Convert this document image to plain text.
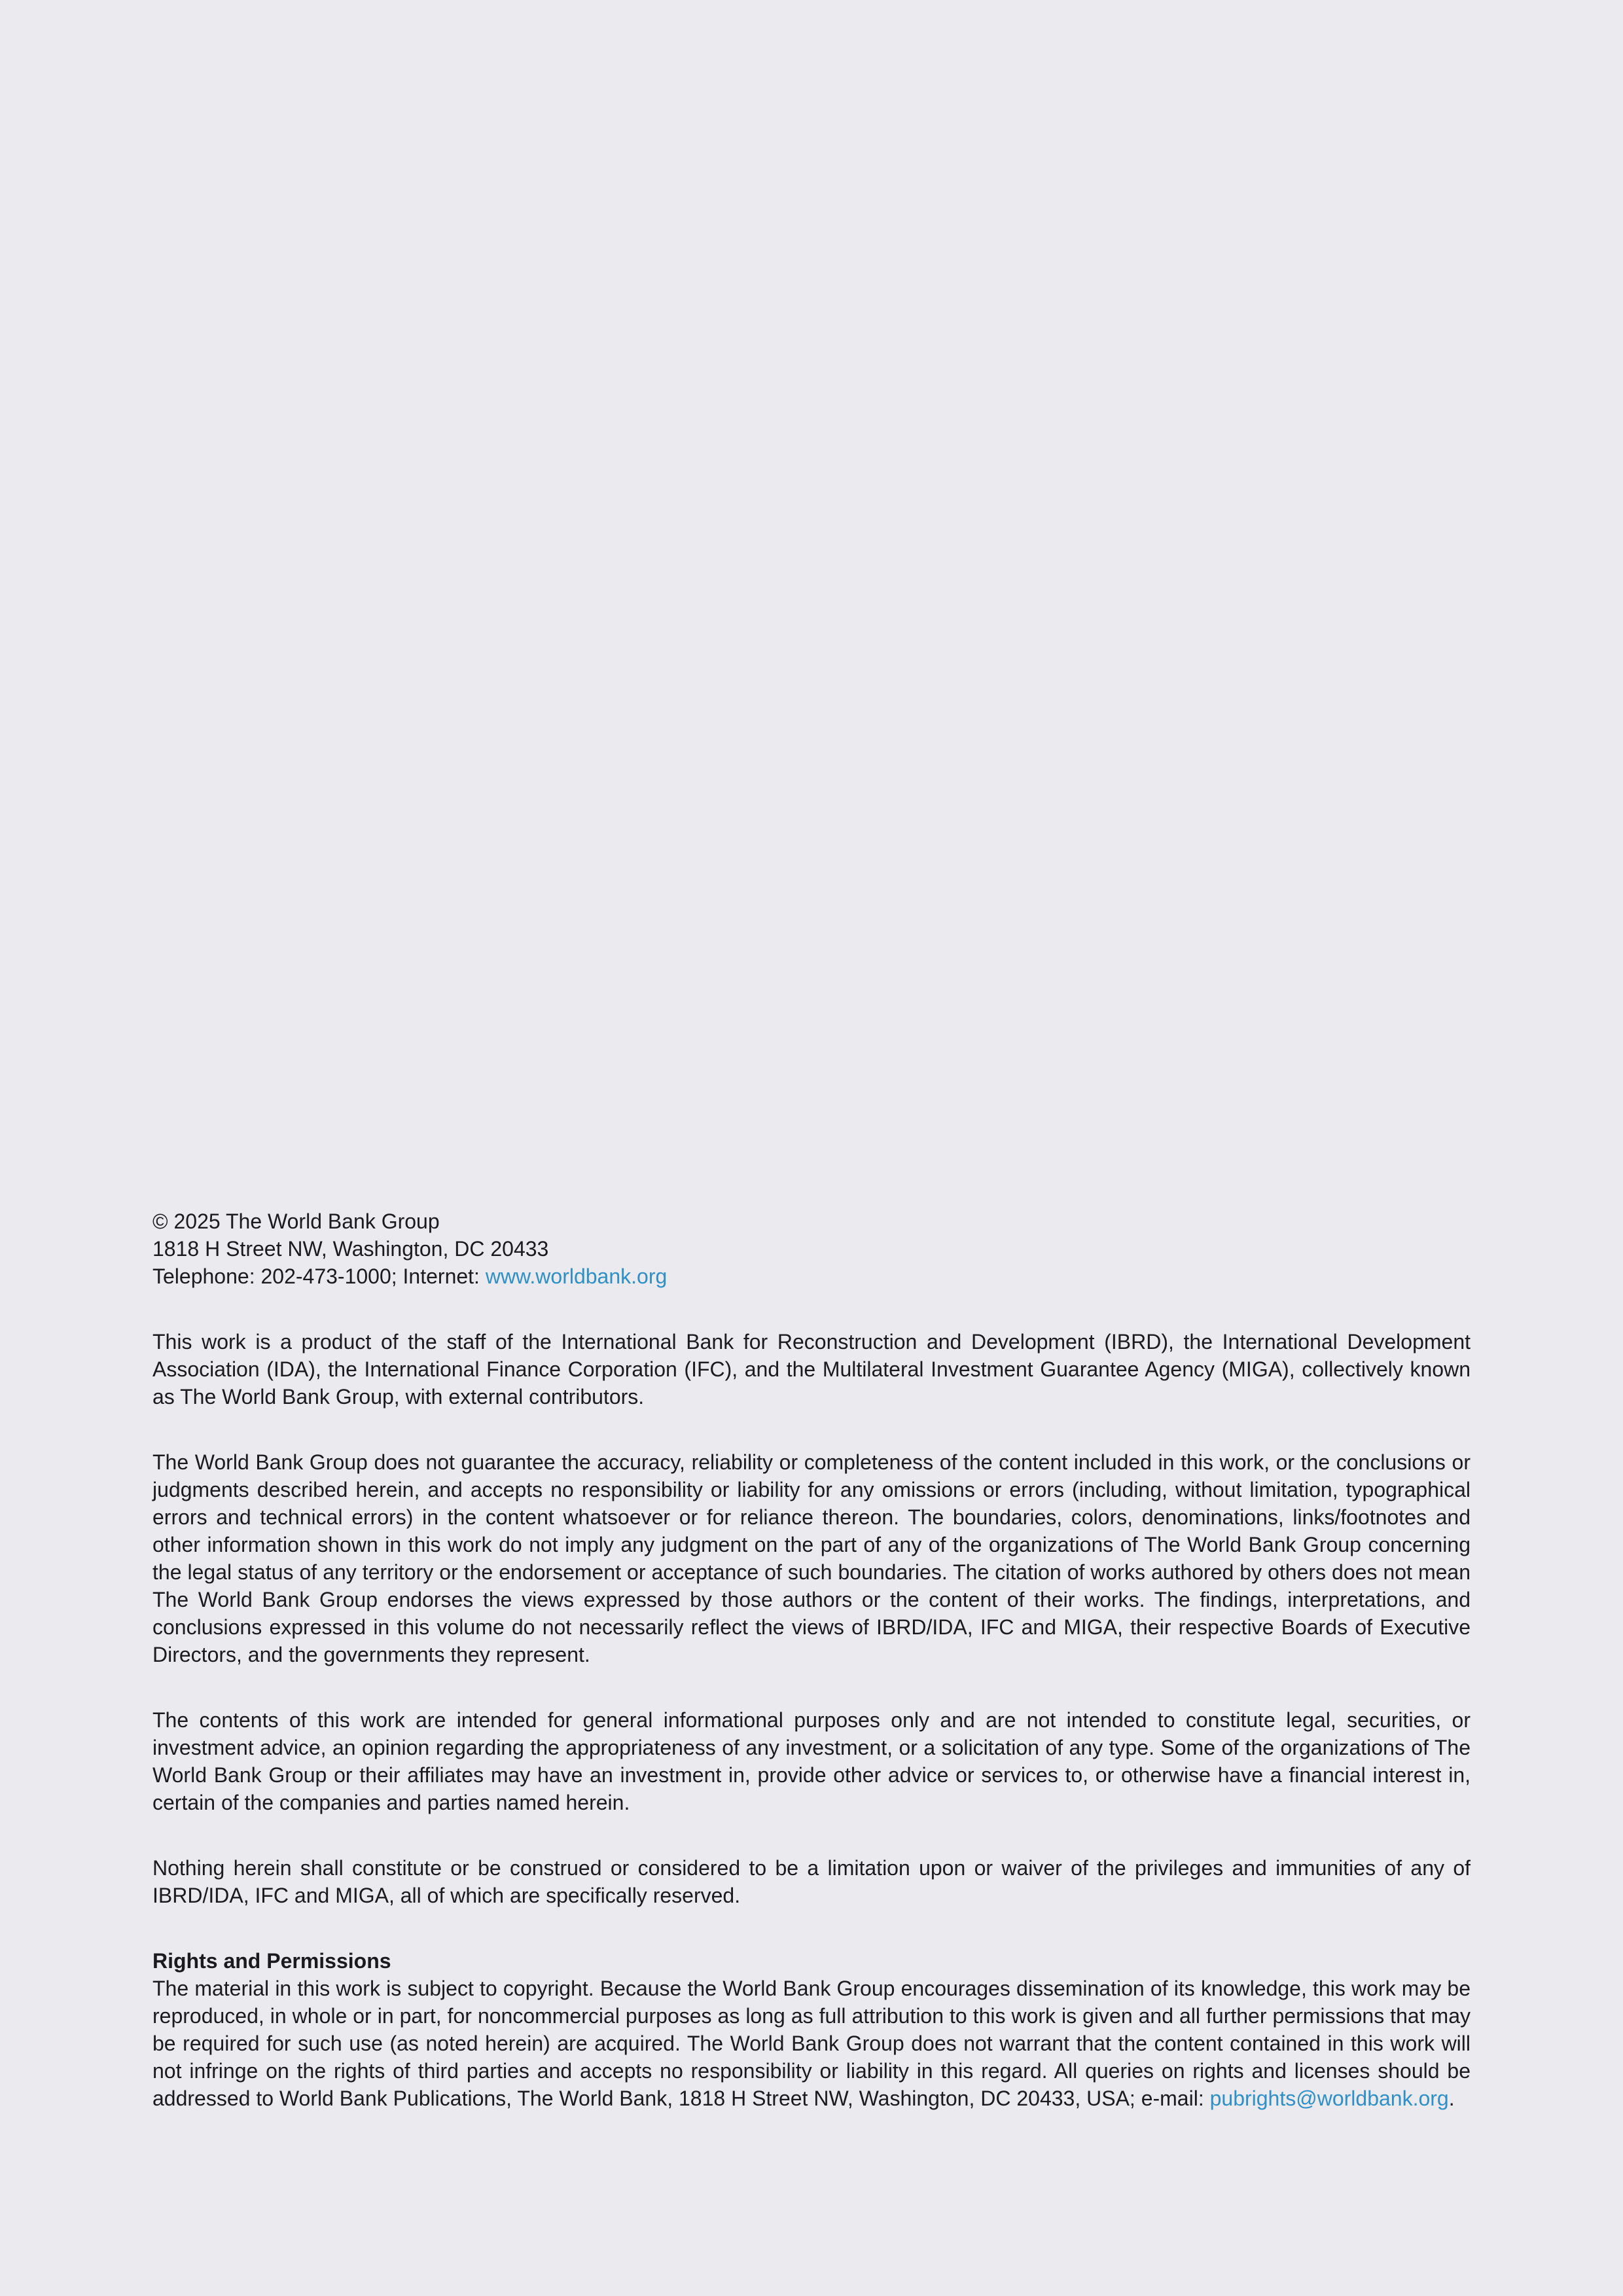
© 2025 The World Bank Group
1818 H Street NW, Washington, DC 20433
Telephone: 202-473-1000; Internet: www.worldbank.org

This work is a product of the staff of the International Bank for Reconstruction and Development (IBRD), the International Development Association (IDA), the International Finance Corporation (IFC), and the Multilateral Investment Guarantee Agency (MIGA), collectively known as The World Bank Group, with external contributors.

The World Bank Group does not guarantee the accuracy, reliability or completeness of the content included in this work, or the conclusions or judgments described herein, and accepts no responsibility or liability for any omissions or errors (including, without limitation, typographical errors and technical errors) in the content whatsoever or for reliance thereon. The boundaries, colors, denominations, links/footnotes and other information shown in this work do not imply any judgment on the part of any of the organizations of The World Bank Group concerning the legal status of any territory or the endorsement or acceptance of such boundaries. The citation of works authored by others does not mean The World Bank Group endorses the views expressed by those authors or the content of their works. The findings, interpretations, and conclusions expressed in this volume do not necessarily reflect the views of IBRD/IDA, IFC and MIGA, their respective Boards of Executive Directors, and the governments they represent.

The contents of this work are intended for general informational purposes only and are not intended to constitute legal, securities, or investment advice, an opinion regarding the appropriateness of any investment, or a solicitation of any type. Some of the organizations of The World Bank Group or their affiliates may have an investment in, provide other advice or services to, or otherwise have a financial interest in, certain of the companies and parties named herein.

Nothing herein shall constitute or be construed or considered to be a limitation upon or waiver of the privileges and immunities of any of IBRD/IDA, IFC and MIGA, all of which are specifically reserved.

Rights and Permissions

The material in this work is subject to copyright. Because the World Bank Group encourages dissemination of its knowledge, this work may be reproduced, in whole or in part, for noncommercial purposes as long as full attribution to this work is given and all further permissions that may be required for such use (as noted herein) are acquired. The World Bank Group does not warrant that the content contained in this work will not infringe on the rights of third parties and accepts no responsibility or liability in this regard. All queries on rights and licenses should be addressed to World Bank Publications, The World Bank, 1818 H Street NW, Washington, DC 20433, USA; e-mail: pubrights@worldbank.org.
